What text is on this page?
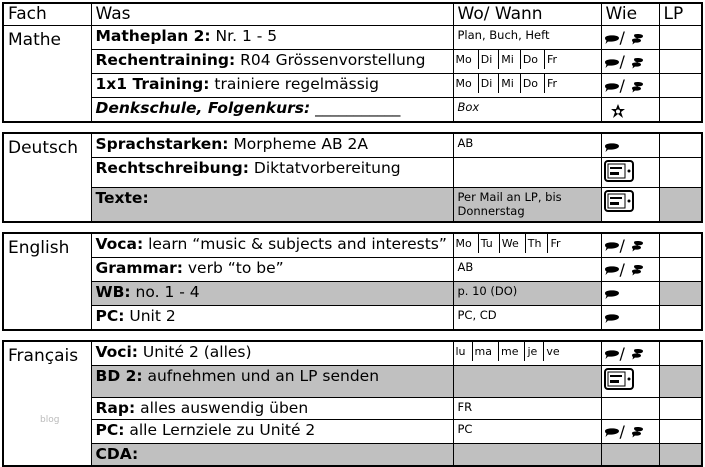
Fach	Was	Wo/ Wann	Wie	LP
Mathe	Matheplan 2: Nr. 1 - 5	Plan, Buch, Heft	/	
	Rechentraining: R04 Grössenvorstellung	Mo Di Mi Do Fr	/	
	1x1 Training: trainiere regelmässig	Mo Di Mi Do Fr	/	
	Denkschule, Folgenkurs: ___________	Box		
Deutsch	Sprachstarken: Morpheme AB 2A	AB		
	Rechtschreibung: Diktatvorbereitung			
	Texte:	Per Mail an LP, bis
Donnerstag		
English	Voca: learn “music & subjects and interests”	Mo Tu We Th Fr	/	
	Grammar: verb “to be”	AB	/	
	WB: no. 1 - 4	p. 10 (DO)		
	PC: Unit 2	PC, CD		
Français	Voci: Unité 2 (alles)	lu ma me je ve	/	
	BD 2: aufnehmen und an LP senden			
	Rap: alles auswendig üben	FR		
	PC: alle Lernziele zu Unité 2	PC	/	
	CDA:			
blog
